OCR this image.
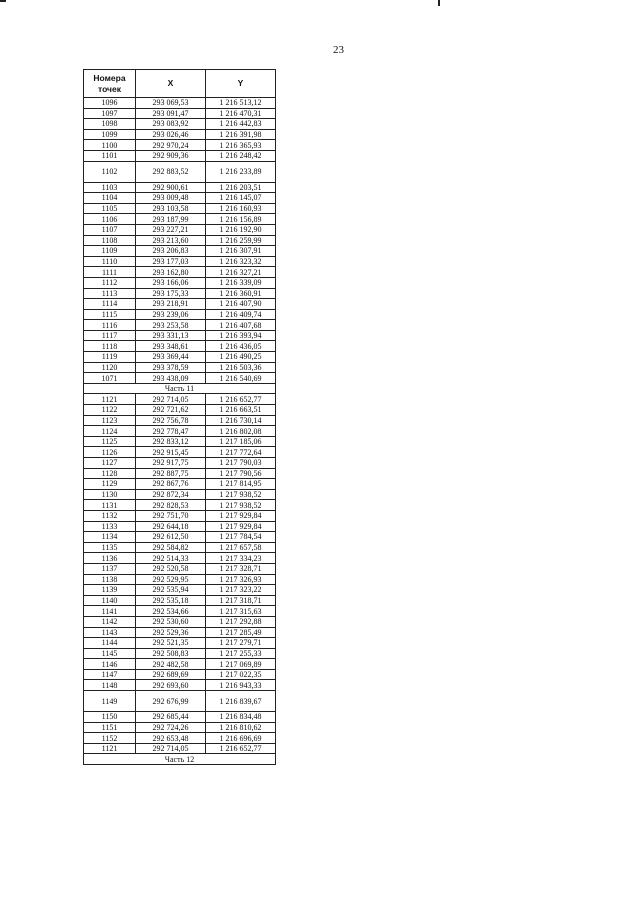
23
Номера точек	X	Y
1096	293 069,53	1 216 513,12
1097	293 091,47	1 216 470,31
1098	293 083,92	1 216 442,83
1099	293 026,46	1 216 391,98
1100	292 970,24	1 216 365,93
1101	292 909,36	1 216 248,42
1102	292 883,52	1 216 233,89
1103	292 900,61	1 216 203,51
1104	293 009,48	1 216 145,07
1105	293 103,58	1 216 160,93
1106	293 187,99	1 216 156,89
1107	293 227,21	1 216 192,90
1108	293 213,60	1 216 259,99
1109	293 206,83	1 216 307,91
1110	293 177,03	1 216 323,32
1111	293 162,80	1 216 327,21
1112	293 166,06	1 216 339,09
1113	293 175,33	1 216 360,91
1114	293 218,91	1 216 407,90
1115	293 239,06	1 216 409,74
1116	293 253,58	1 216 407,68
1117	293 331,13	1 216 393,94
1118	293 348,61	1 216 436,05
1119	293 369,44	1 216 490,25
1120	293 378,59	1 216 503,36
1071	293 438,09	1 216 540,69
Часть 11		
1121	292 714,05	1 216 652,77
1122	292 721,62	1 216 663,51
1123	292 756,78	1 216 730,14
1124	292 778,47	1 216 802,08
1125	292 833,12	1 217 185,06
1126	292 915,45	1 217 772,64
1127	292 917,75	1 217 790,03
1128	292 887,75	1 217 790,56
1129	292 867,76	1 217 814,95
1130	292 872,34	1 217 938,52
1131	292 828,53	1 217 938,52
1132	292 751,70	1 217 929,84
1133	292 644,18	1 217 929,84
1134	292 612,50	1 217 784,54
1135	292 584,82	1 217 657,58
1136	292 514,33	1 217 334,23
1137	292 520,58	1 217 328,71
1138	292 529,95	1 217 326,93
1139	292 535,94	1 217 323,22
1140	292 535,18	1 217 318,71
1141	292 534,66	1 217 315,63
1142	292 530,60	1 217 292,88
1143	292 529,36	1 217 285,49
1144	292 521,35	1 217 279,71
1145	292 508,83	1 217 255,33
1146	292 482,58	1 217 069,89
1147	292 689,69	1 217 022,35
1148	292 693,60	1 216 943,33
1149	292 676,99	1 216 839,67
1150	292 685,44	1 216 834,48
1151	292 724,26	1 216 810,62
1152	292 653,48	1 216 696,69
1121	292 714,05	1 216 652,77
Часть 12		
